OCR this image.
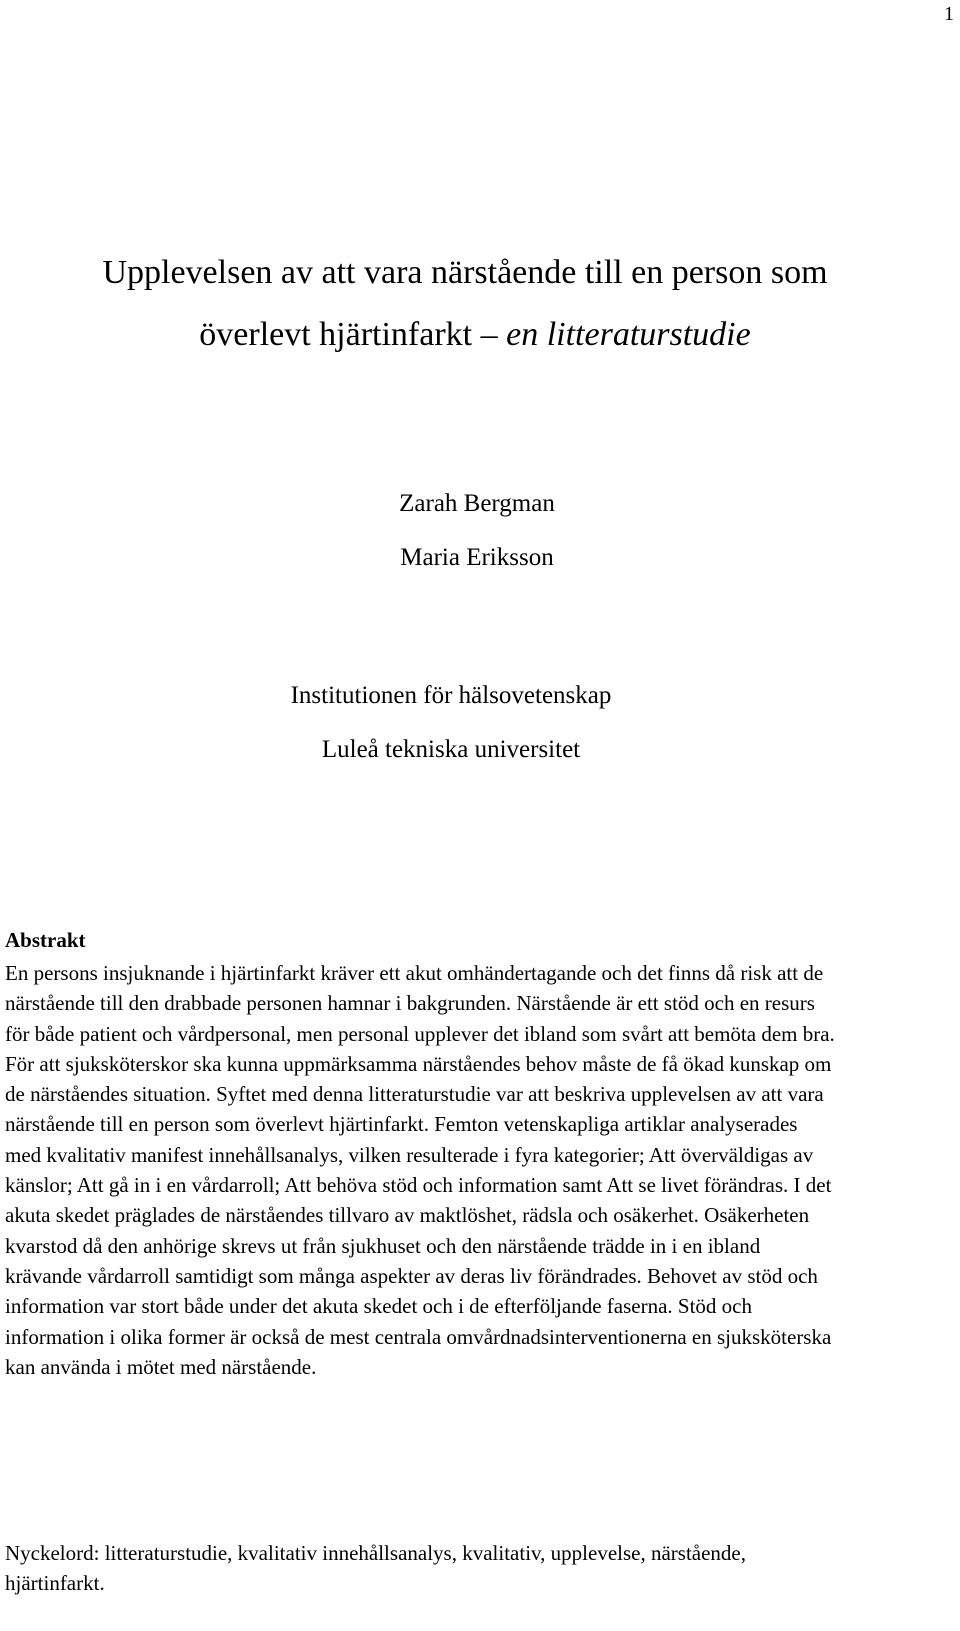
1
Upplevelsen av att vara närstående till en person som
överlevt hjärtinfarkt – en litteraturstudie
Zarah Bergman
Maria Eriksson
Institutionen för hälsovetenskap
Luleå tekniska universitet
Abstrakt

En persons insjuknande i hjärtinfarkt kräver ett akut omhändertagande och det finns då risk att de närstående till den drabbade personen hamnar i bakgrunden. Närstående är ett stöd och en resurs för både patient och vårdpersonal, men personal upplever det ibland som svårt att bemöta dem bra. För att sjuksköterskor ska kunna uppmärksamma närståendes behov måste de få ökad kunskap om de närståendes situation. Syftet med denna litteraturstudie var att beskriva upplevelsen av att vara närstående till en person som överlevt hjärtinfarkt. Femton vetenskapliga artiklar analyserades med kvalitativ manifest innehållsanalys, vilken resulterade i fyra kategorier; Att överväldigas av känslor; Att gå in i en vårdarroll; Att behöva stöd och information samt Att se livet förändras. I det akuta skedet präglades de närståendes tillvaro av maktlöshet, rädsla och osäkerhet. Osäkerheten kvarstod då den anhörige skrevs ut från sjukhuset och den närstående trädde in i en ibland krävande vårdarroll samtidigt som många aspekter av deras liv förändrades. Behovet av stöd och information var stort både under det akuta skedet och i de efterföljande faserna. Stöd och information i olika former är också de mest centrala omvårdnadsinterventionerna en sjuksköterska kan använda i mötet med närstående.

Nyckelord: litteraturstudie, kvalitativ innehållsanalys, kvalitativ, upplevelse, närstående, hjärtinfarkt.
